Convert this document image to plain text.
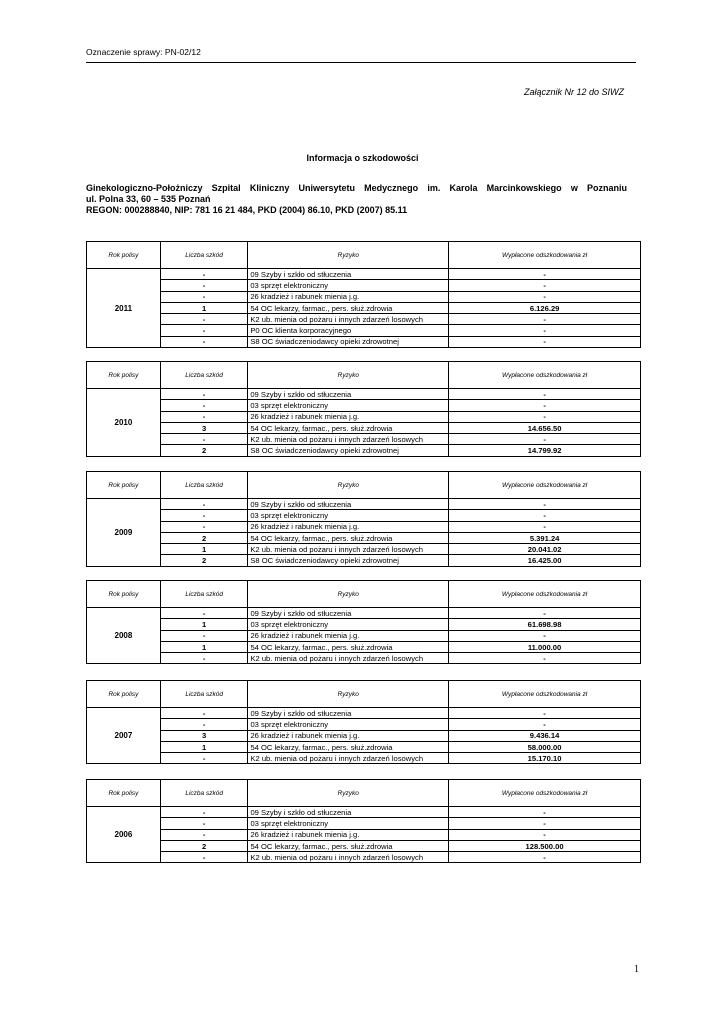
Oznaczenie sprawy: PN-02/12
Załącznik Nr 12 do SIWZ
Informacja o szkodowości
Ginekologiczno-Położniczy Szpital Kliniczny Uniwersytetu Medycznego im. Karola Marcinkowskiego w Poznaniu
ul. Polna 33, 60 – 535 Poznań
REGON: 000288840, NIP: 781 16 21 484, PKD (2004) 86.10, PKD (2007) 85.11
Rok polisy	Liczba szkód	Ryzyko	Wypłacone odszkodowania zł
2011	-	09 Szyby i szkło od stłuczenia	-
	-	03 sprzęt elektroniczny	-
	-	26 kradzież i rabunek mienia j.g.	-
	1	54 OC lekarzy, farmac., pers. służ.zdrowia	6.126.29
	-	K2 ub. mienia od pożaru i innych zdarzeń losowych	-
	-	P0 OC klienta korporacyjnego	-
	-	S8 OC świadczeniodawcy opieki zdrowotnej	-
Rok polisy	Liczba szkód	Ryzyko	Wypłacone odszkodowania zł
2010	-	09 Szyby i szkło od stłuczenia	-
	-	03 sprzęt elektroniczny	-
	-	26 kradzież i rabunek mienia j.g.	-
	3	54 OC lekarzy, farmac., pers. służ.zdrowia	14.656.50
	-	K2 ub. mienia od pożaru i innych zdarzeń losowych	-
	2	S8 OC świadczeniodawcy opieki zdrowotnej	14.799.92
Rok polisy	Liczba szkód	Ryzyko	Wypłacone odszkodowania zł
2009	-	09 Szyby i szkło od stłuczenia	-
	-	03 sprzęt elektroniczny	-
	-	26 kradzież i rabunek mienia j.g.	-
	2	54 OC lekarzy, farmac., pers. służ.zdrowia	5.391.24
	1	K2 ub. mienia od pożaru i innych zdarzeń losowych	20.041.02
	2	S8 OC świadczeniodawcy opieki zdrowotnej	16.425.00
Rok polisy	Liczba szkód	Ryzyko	Wypłacone odszkodowania zł
2008	-	09 Szyby i szkło od stłuczenia	-
	1	03 sprzęt elektroniczny	61.698.98
	-	26 kradzież i rabunek mienia j.g.	-
	1	54 OC lekarzy, farmac., pers. służ.zdrowia	11.000.00
	-	K2 ub. mienia od pożaru i innych zdarzeń losowych	-
Rok polisy	Liczba szkód	Ryzyko	Wypłacone odszkodowania zł
2007	-	09 Szyby i szkło od stłuczenia	-
	-	03 sprzęt elektroniczny	-
	3	26 kradzież i rabunek mienia j.g.	9.436.14
	1	54 OC lekarzy, farmac., pers. służ.zdrowia	58.000.00
	-	K2 ub. mienia od pożaru i innych zdarzeń losowych	15.170.10
Rok polisy	Liczba szkód	Ryzyko	Wypłacone odszkodowania zł
2006	-	09 Szyby i szkło od stłuczenia	-
	-	03 sprzęt elektroniczny	-
	-	26 kradzież i rabunek mienia j.g.	-
	2	54 OC lekarzy, farmac., pers. służ.zdrowia	128.500.00
	-	K2 ub. mienia od pożaru i innych zdarzeń losowych	-
1
